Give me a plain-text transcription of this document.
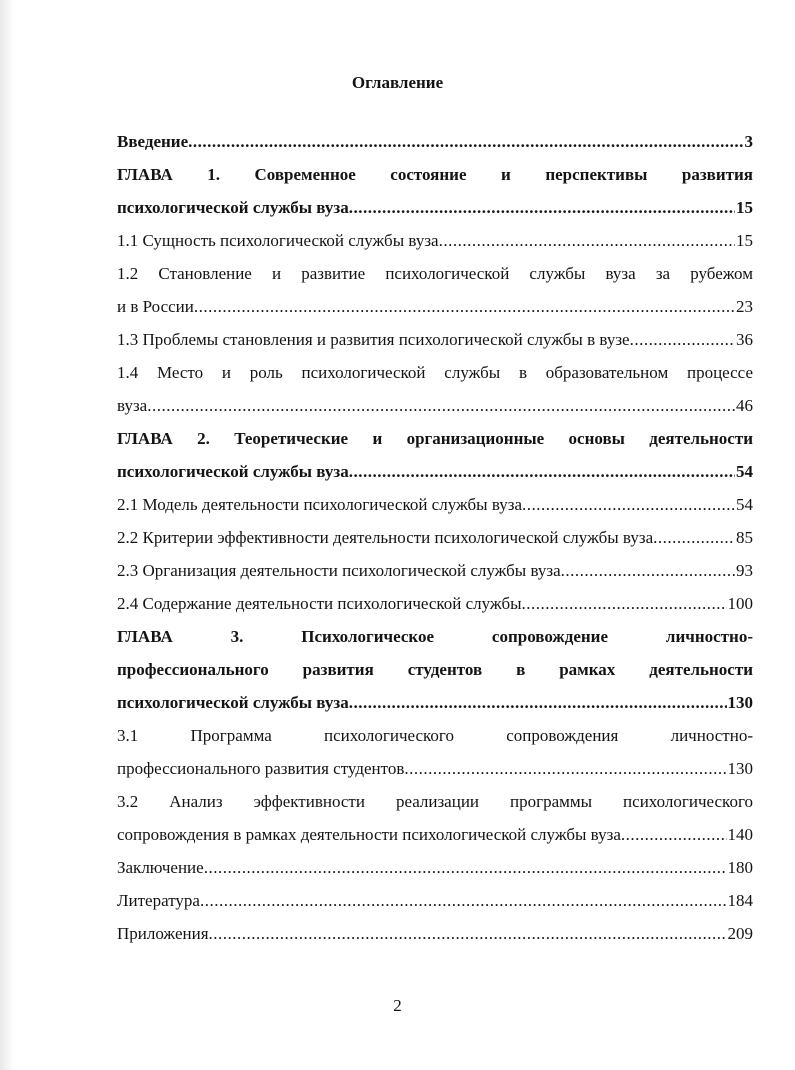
Оглавление
Введение .....	3
ГЛАВА 1. Современное состояние и перспективы развития
психологической службы вуза .....	15
1.1 Сущность психологической службы вуза .....	15
1.2 Становление и развитие психологической службы вуза за рубежом
и в России .....	23
1.3 Проблемы становления и развития психологической службы в вузе .....	36
1.4 Место и роль психологической службы в образовательном процессе
вуза .....	46
ГЛАВА 2. Теоретические и организационные основы деятельности
психологической службы вуза .....	54
2.1 Модель деятельности психологической службы вуза .....	54
2.2 Критерии эффективности деятельности психологической службы вуза .....	85
2.3 Организация деятельности психологической службы вуза .....	93
2.4 Содержание деятельности психологической службы .....	100
ГЛАВА 3. Психологическое сопровождение личностно-
профессионального развития студентов в рамках деятельности
психологической службы вуза .....	130
3.1 Программа психологического сопровождения личностно-
профессионального развития студентов .....	130
3.2 Анализ эффективности реализации программы психологического
сопровождения в рамках деятельности психологической службы вуза .....	140
Заключение .....	180
Литература .....	184
Приложения .....	209
2
